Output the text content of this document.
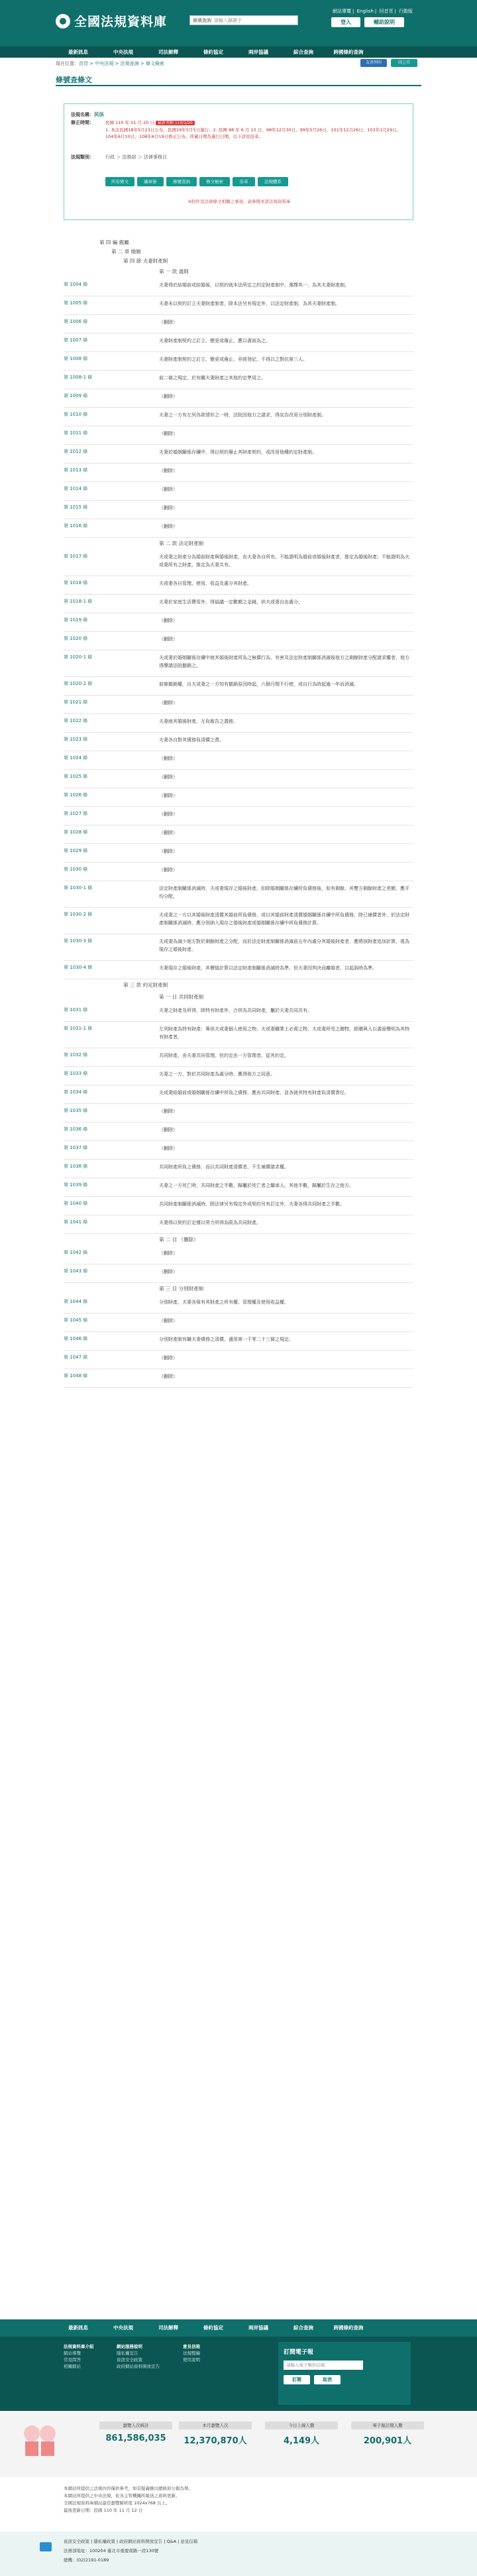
全國法規資料庫	條號查詢 請輸入關鍵字
網站導覽 | English | 回首頁 | 行動版
登入	輔助說明
最新訊息	中央法規	司法解釋	條約協定	兩岸協議	綜合查詢	跨國條約查詢
現在位置：首頁 > 中央法規 > 法規查詢 > 條文檢索	友善列印	回上頁
條號查條文
法規名稱：民法
修正時間：	民國 110 年 01 月 20 日 最新異動 110/1/20
1. 本法民國18年5月23日公布，民國19年5月5日施行；2. 民國 98 年 6 月 10 日、98年12月30日、99年5月26日、101年12月26日、103年1月29日、104年6月10日、108年6月19日修正公布。所載日期為施行日期，以下詳見沿革。
法規類別： 行政 ＞ 法務部 ＞ 法律事務目
所有條文	編章節	條號查詢	條文檢索	沿革	法規體系
※附件及法律條文相關之事項，請參閱本部法規資料庫
第 四 編 親屬
第 二 章 婚姻
第 四 節 夫妻財產制
第 一 款 通則
第 1004 條	夫妻得於結婚前或結婚後，以契約就本法所定之約定財產制中，選擇其一，為其夫妻財產制。
第 1005 條	夫妻未以契約訂立夫妻財產制者，除本法另有規定外，以法定財產制，為其夫妻財產制。
第 1006 條	（刪除）
第 1007 條	夫妻財產制契約之訂立、變更或廢止，應以書面為之。
第 1008 條	夫妻財產制契約之訂立、變更或廢止，非經登記，不得以之對抗第三人。
第 1008-1 條	前二條之規定，於有關夫妻財產之其他約定準用之。
第 1009 條	（刪除）
第 1010 條	夫妻之一方有左列各款情形之一時，法院因他方之請求，得宣告改用分別財產制。
第 1011 條	（刪除）
第 1012 條	夫妻於婚姻關係存續中，得以契約廢止其財產契約，或改用他種約定財產制。
第 1013 條	（刪除）
第 1014 條	（刪除）
第 1015 條	（刪除）
第 1016 條	（刪除）
第 二 款 法定財產制
第 1017 條	夫或妻之財產分為婚前財產與婚後財產，由夫妻各自所有。不能證明為婚前或婚後財產者，推定為婚後財產；不能證明為夫或妻所有之財產，推定為夫妻共有。
第 1018 條	夫或妻各自管理、使用、收益及處分其財產。
第 1018-1 條	夫妻於家庭生活費用外，得協議一定數額之金錢，供夫或妻自由處分。
第 1019 條	（刪除）
第 1020 條	（刪除）
第 1020-1 條	夫或妻於婚姻關係存續中就其婚後財產所為之無償行為，有害及法定財產制關係消滅後他方之剩餘財產分配請求權者，他方得聲請法院撤銷之。
第 1020-2 條	前條撤銷權，自夫或妻之一方知有撤銷原因時起，六個月間不行使，或自行為時起逾一年而消滅。
第 1021 條	（刪除）
第 1022 條	夫妻就其婚後財產，互負報告之義務。
第 1023 條	夫妻各自對其債務負清償之責。
第 1024 條	（刪除）
第 1025 條	（刪除）
第 1026 條	（刪除）
第 1027 條	（刪除）
第 1028 條	（刪除）
第 1029 條	（刪除）
第 1030 條	（刪除）
第 1030-1 條	法定財產制關係消滅時，夫或妻現存之婚後財產，扣除婚姻關係存續所負債務後，如有剩餘，其雙方剩餘財產之差額，應平均分配。
第 1030-2 條	夫或妻之一方以其婚後財產清償其婚前所負債務，或以其婚前財產清償婚姻關係存續中所負債務，除已補償者外，於法定財產制關係消滅時，應分別納入現存之婚後財產或婚姻關係存續中所負債務計算。
第 1030-3 條	夫或妻為減少他方對於剩餘財產之分配，而於法定財產制關係消滅前五年內處分其婚後財產者，應將該財產追加計算，視為現存之婚後財產。
第 1030-4 條	夫妻現存之婚後財產，其價值計算以法定財產制關係消滅時為準。但夫妻因判決而離婚者，以起訴時為準。
第 三 款 約定財產制
第 一 目 共同財產制
第 1031 條	夫妻之財產及所得，除特有財產外，合併為共同財產，屬於夫妻共同共有。
第 1031-1 條	左列財產為特有財產：專供夫或妻個人使用之物、夫或妻職業上必需之物、夫或妻所受之贈物，經贈與人以書面聲明為其特有財產者。
第 1032 條	共同財產，由夫妻共同管理。但約定由一方管理者，從其約定。
第 1033 條	夫妻之一方，對於共同財產為處分時，應得他方之同意。
第 1034 條	夫或妻結婚前或婚姻關係存續中所負之債務，應由共同財產，並各就其特有財產負清償責任。
第 1035 條	（刪除）
第 1036 條	（刪除）
第 1037 條	（刪除）
第 1038 條	共同財產所負之債務，而以共同財產清償者，不生補償請求權。
第 1039 條	夫妻之一方死亡時，共同財產之半數，歸屬於死亡者之繼承人，其他半數，歸屬於生存之他方。
第 1040 條	共同財產制關係消滅時，除法律另有規定外或契約另有訂定外，夫妻各得共同財產之半數。
第 1041 條	夫妻得以契約訂定僅以勞力所得為限為共同財產。
第 二 目 （刪除）
第 1042 條	（刪除）
第 1043 條	（刪除）
第 三 目 分別財產制
第 1044 條	分別財產，夫妻各保有其財產之所有權、管理權及使用收益權。
第 1045 條	（刪除）
第 1046 條	分別財產制有關夫妻債務之清償，適用第一千零二十三條之規定。
第 1047 條	（刪除）
第 1048 條	（刪除）
最新訊息	中央法規	司法解釋	條約協定	兩岸協議	綜合查詢	跨國條約查詢
法規資料庫介紹
網站導覽
常見問答
相關網站
網站服務說明
隱私權宣告
資訊安全政策
政府網站資料開放宣告
意見信箱
法規整編
使用說明
訂閱電子報
請輸入電子郵件信箱
訂閱	取消
瀏覽人次統計
861,586,035
本月瀏覽人次
12,370,870人
今日上線人數
4,149人
電子報訂閱人數
200,901人
本網站所提供之法規內容僅供參考，如有疑義應以總統府公報為準。
本網站所提供之中央法規，依各主管機關所報送之資料更新。
全國法規資料庫網站最佳瀏覽解析度 1024x768 以上。
最後更新日期：民國 110 年 11 月 12 日
資訊安全政策 | 隱私權政策 | 政府網站資料開放宣告 | Q&A | 意見信箱
法務部地址：100204 臺北市重慶南路一段130號
總機：(02)2191-0189
